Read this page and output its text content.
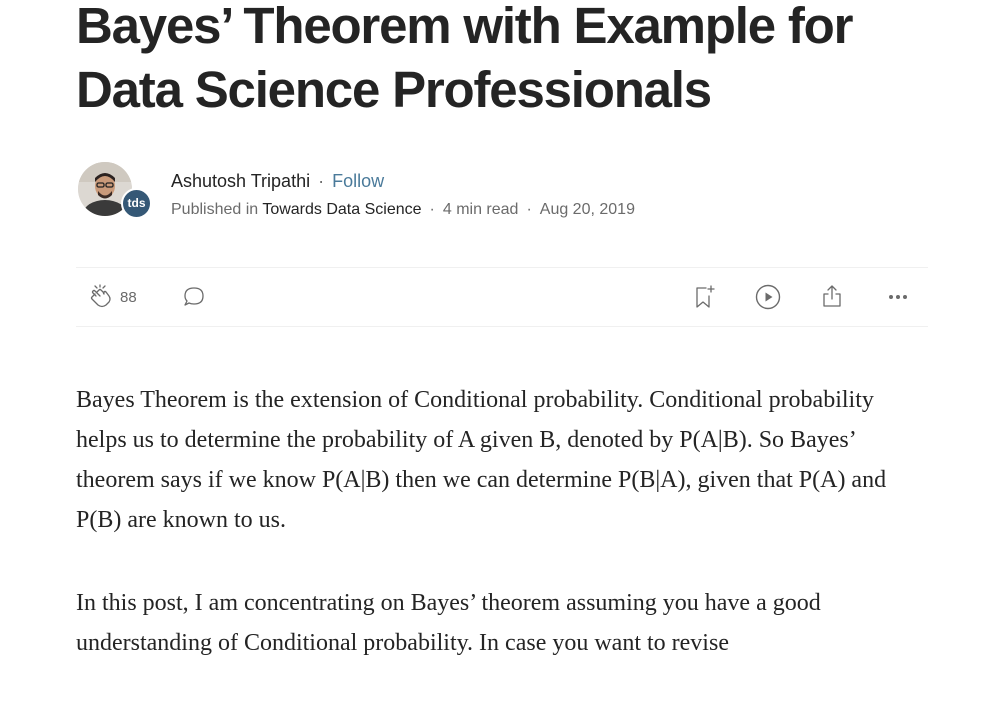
Bayes’ Theorem with Example for Data Science Professionals
tds
Ashutosh Tripathi · Follow
Published in Towards Data Science · 4 min read · Aug 20, 2019
88

Bayes Theorem is the extension of Conditional probability. Conditional probability helps us to determine the probability of A given B, denoted by P(A|B). So Bayes’ theorem says if we know P(A|B) then we can determine P(B|A), given that P(A) and P(B) are known to us.

In this post, I am concentrating on Bayes’ theorem assuming you have a good understanding of Conditional probability. In case you want to revise
